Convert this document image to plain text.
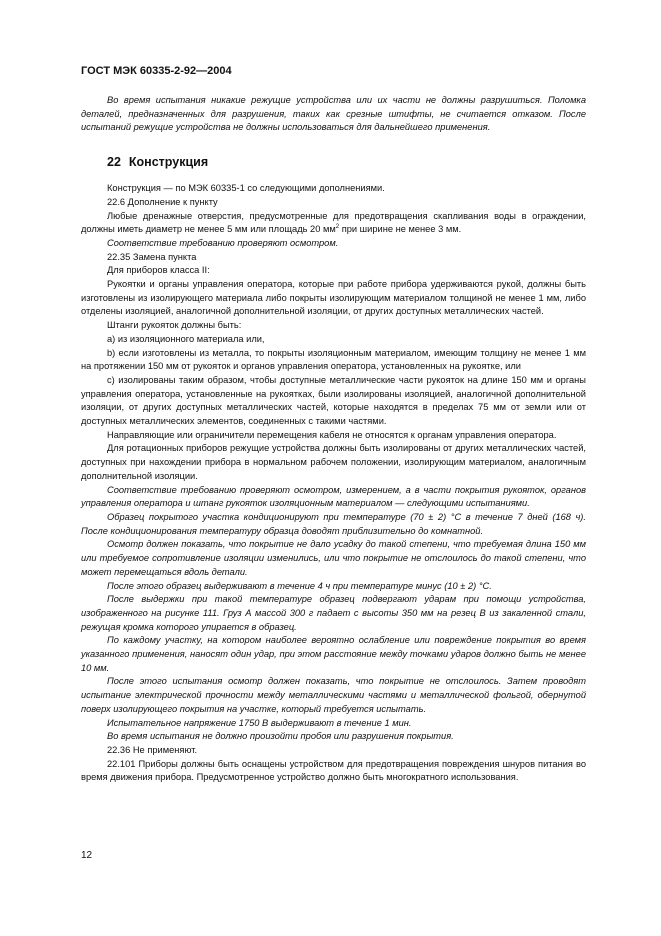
ГОСТ МЭК 60335-2-92—2004

Во время испытания никакие режущие устройства или их части не должны разрушиться. Поломка деталей, предназначенных для разрушения, таких как срезные штифты, не считается отказом. После испытаний режущие устройства не должны использоваться для дальнейшего применения.

22 Конструкция

Конструкция — по МЭК 60335-1 со следующими дополнениями.

22.6 Дополнение к пункту

Любые дренажные отверстия, предусмотренные для предотвращения скапливания воды в ограждении, должны иметь диаметр не менее 5 мм или площадь 20 $мм^2$ при ширине не менее 3 мм.

Соответствие требованию проверяют осмотром.

22.35 Замена пункта

Для приборов класса II:

Рукоятки и органы управления оператора, которые при работе прибора удерживаются рукой, должны быть изготовлены из изолирующего материала либо покрыты изолирующим материалом толщиной не менее 1 мм, либо отделены изоляцией, аналогичной дополнительной изоляции, от других доступных металлических частей.

Штанги рукояток должны быть:

a) из изоляционного материала или,

b) если изготовлены из металла, то покрыты изоляционным материалом, имеющим толщину не менее 1 мм на протяжении 150 мм от рукояток и органов управления оператора, установленных на рукоятке, или

c) изолированы таким образом, чтобы доступные металлические части рукояток на длине 150 мм и органы управления оператора, установленные на рукоятках, были изолированы изоляцией, аналогичной дополнительной изоляции, от других доступных металлических частей, которые находятся в пределах 75 мм от земли или от доступных металлических элементов, соединенных с такими частями.

Направляющие или ограничители перемещения кабеля не относятся к органам управления оператора.

Для ротационных приборов режущие устройства должны быть изолированы от других металлических частей, доступных при нахождении прибора в нормальном рабочем положении, изолирующим материалом, аналогичным дополнительной изоляции.

Соответствие требованию проверяют осмотром, измерением, а в части покрытия рукояток, органов управления оператора и штанг рукояток изоляционным материалом — следующими испытаниями.

Образец покрытого участка кондиционируют при температуре (70 ± 2) °С в течение 7 дней (168 ч). После кондиционирования температуру образца доводят приблизительно до комнатной.

Осмотр должен показать, что покрытие не дало усадку до такой степени, что требуемая длина 150 мм или требуемое сопротивление изоляции изменились, или что покрытие не отслоилось до такой степени, что может перемещаться вдоль детали.

После этого образец выдерживают в течение 4 ч при температуре минус (10 ± 2) °С.

После выдержки при такой температуре образец подвергают ударам при помощи устройства, изображенного на рисунке 111. Груз А массой 300 г падает с высоты 350 мм на резец В из закаленной стали, режущая кромка которого упирается в образец.

По каждому участку, на котором наиболее вероятно ослабление или повреждение покрытия во время указанного применения, наносят один удар, при этом расстояние между точками ударов должно быть не менее 10 мм.

После этого испытания осмотр должен показать, что покрытие не отслоилось. Затем проводят испытание электрической прочности между металлическими частями и металлической фольгой, обернутой поверх изолирующего покрытия на участке, который требуется испытать.

Испытательное напряжение 1750 В выдерживают в течение 1 мин.

Во время испытания не должно произойти пробоя или разрушения покрытия.

22.36 Не применяют.

22.101 Приборы должны быть оснащены устройством для предотвращения повреждения шнуров питания во время движения прибора. Предусмотренное устройство должно быть многократного использования.

12
